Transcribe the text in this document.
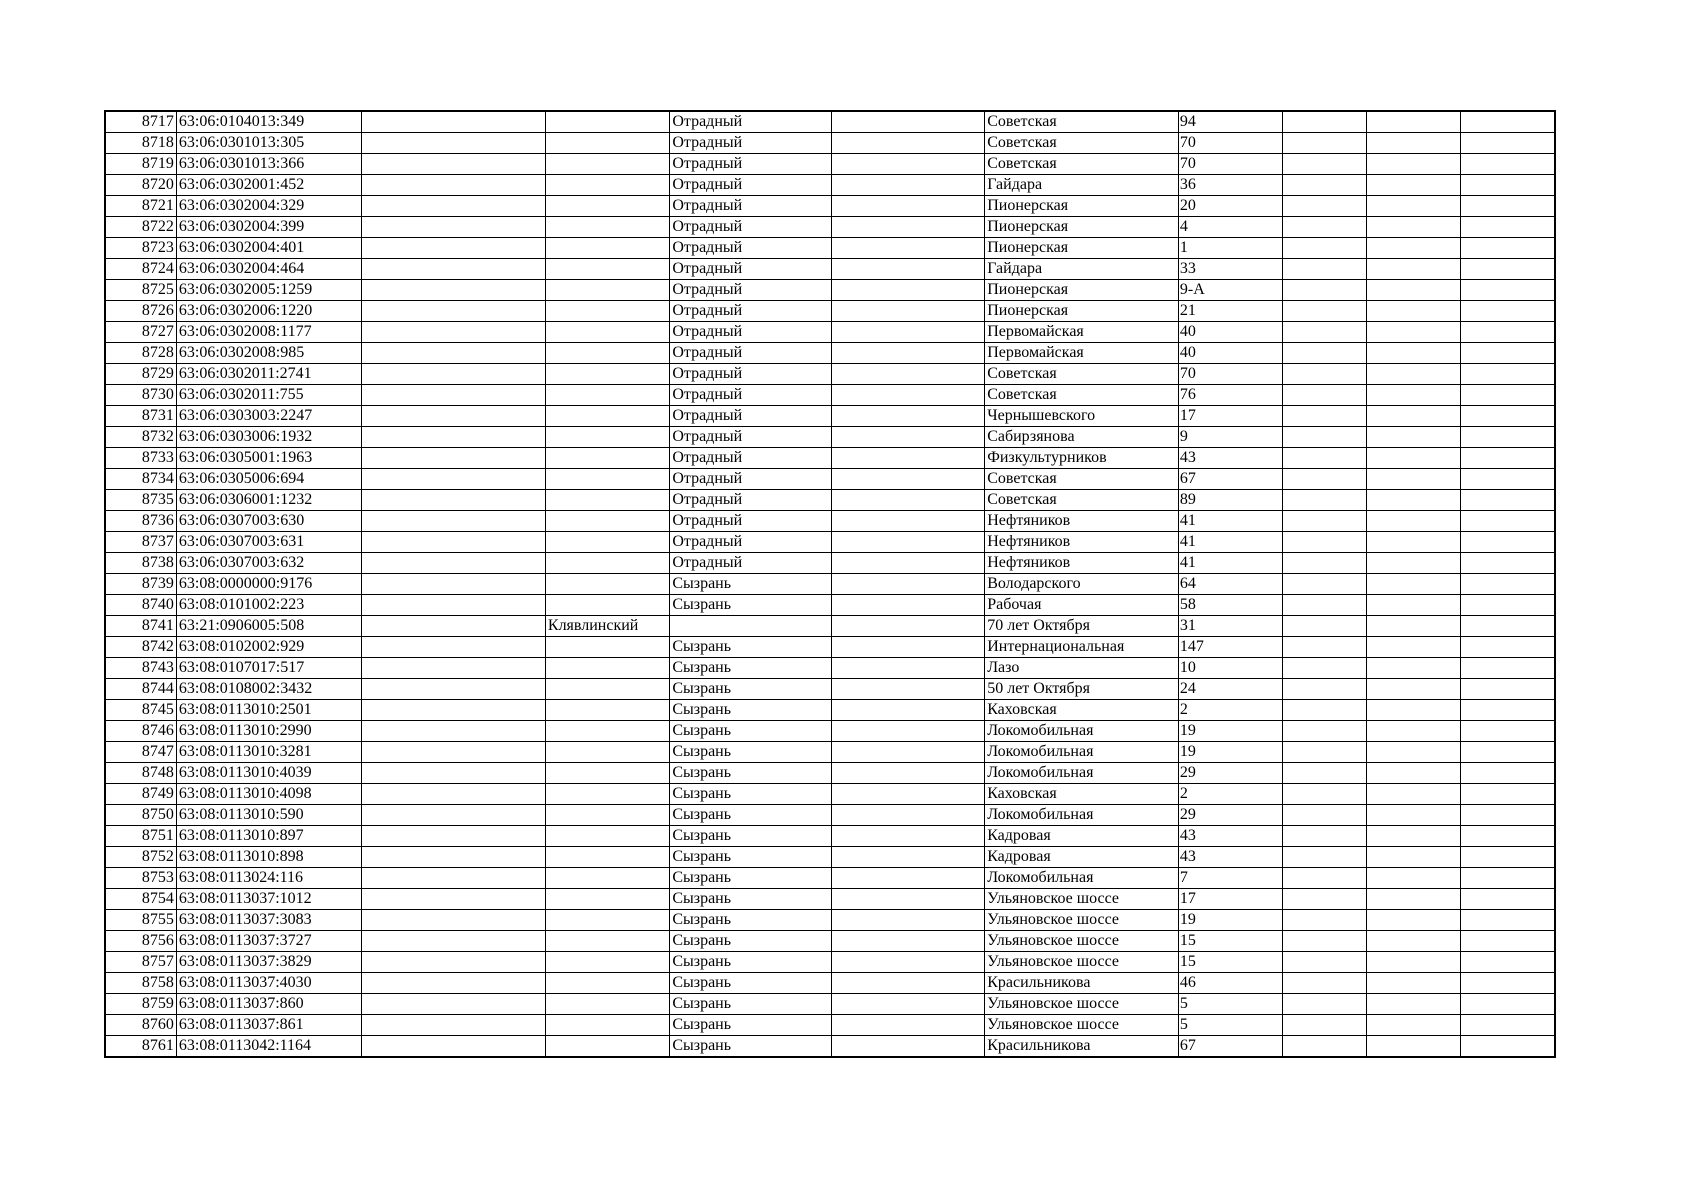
8717	63:06:0104013:349			Отрадный		Советская	94			
8718	63:06:0301013:305			Отрадный		Советская	70			
8719	63:06:0301013:366			Отрадный		Советская	70			
8720	63:06:0302001:452			Отрадный		Гайдара	36			
8721	63:06:0302004:329			Отрадный		Пионерская	20			
8722	63:06:0302004:399			Отрадный		Пионерская	4			
8723	63:06:0302004:401			Отрадный		Пионерская	1			
8724	63:06:0302004:464			Отрадный		Гайдара	33			
8725	63:06:0302005:1259			Отрадный		Пионерская	9-А			
8726	63:06:0302006:1220			Отрадный		Пионерская	21			
8727	63:06:0302008:1177			Отрадный		Первомайская	40			
8728	63:06:0302008:985			Отрадный		Первомайская	40			
8729	63:06:0302011:2741			Отрадный		Советская	70			
8730	63:06:0302011:755			Отрадный		Советская	76			
8731	63:06:0303003:2247			Отрадный		Чернышевского	17			
8732	63:06:0303006:1932			Отрадный		Сабирзянова	9			
8733	63:06:0305001:1963			Отрадный		Физкультурников	43			
8734	63:06:0305006:694			Отрадный		Советская	67			
8735	63:06:0306001:1232			Отрадный		Советская	89			
8736	63:06:0307003:630			Отрадный		Нефтяников	41			
8737	63:06:0307003:631			Отрадный		Нефтяников	41			
8738	63:06:0307003:632			Отрадный		Нефтяников	41			
8739	63:08:0000000:9176			Сызрань		Володарского	64			
8740	63:08:0101002:223			Сызрань		Рабочая	58			
8741	63:21:0906005:508		Клявлинский			70 лет Октября	31			
8742	63:08:0102002:929			Сызрань		Интернациональная	147			
8743	63:08:0107017:517			Сызрань		Лазо	10			
8744	63:08:0108002:3432			Сызрань		50 лет Октября	24			
8745	63:08:0113010:2501			Сызрань		Каховская	2			
8746	63:08:0113010:2990			Сызрань		Локомобильная	19			
8747	63:08:0113010:3281			Сызрань		Локомобильная	19			
8748	63:08:0113010:4039			Сызрань		Локомобильная	29			
8749	63:08:0113010:4098			Сызрань		Каховская	2			
8750	63:08:0113010:590			Сызрань		Локомобильная	29			
8751	63:08:0113010:897			Сызрань		Кадровая	43			
8752	63:08:0113010:898			Сызрань		Кадровая	43			
8753	63:08:0113024:116			Сызрань		Локомобильная	7			
8754	63:08:0113037:1012			Сызрань		Ульяновское шоссе	17			
8755	63:08:0113037:3083			Сызрань		Ульяновское шоссе	19			
8756	63:08:0113037:3727			Сызрань		Ульяновское шоссе	15			
8757	63:08:0113037:3829			Сызрань		Ульяновское шоссе	15			
8758	63:08:0113037:4030			Сызрань		Красильникова	46			
8759	63:08:0113037:860			Сызрань		Ульяновское шоссе	5			
8760	63:08:0113037:861			Сызрань		Ульяновское шоссе	5			
8761	63:08:0113042:1164			Сызрань		Красильникова	67			
